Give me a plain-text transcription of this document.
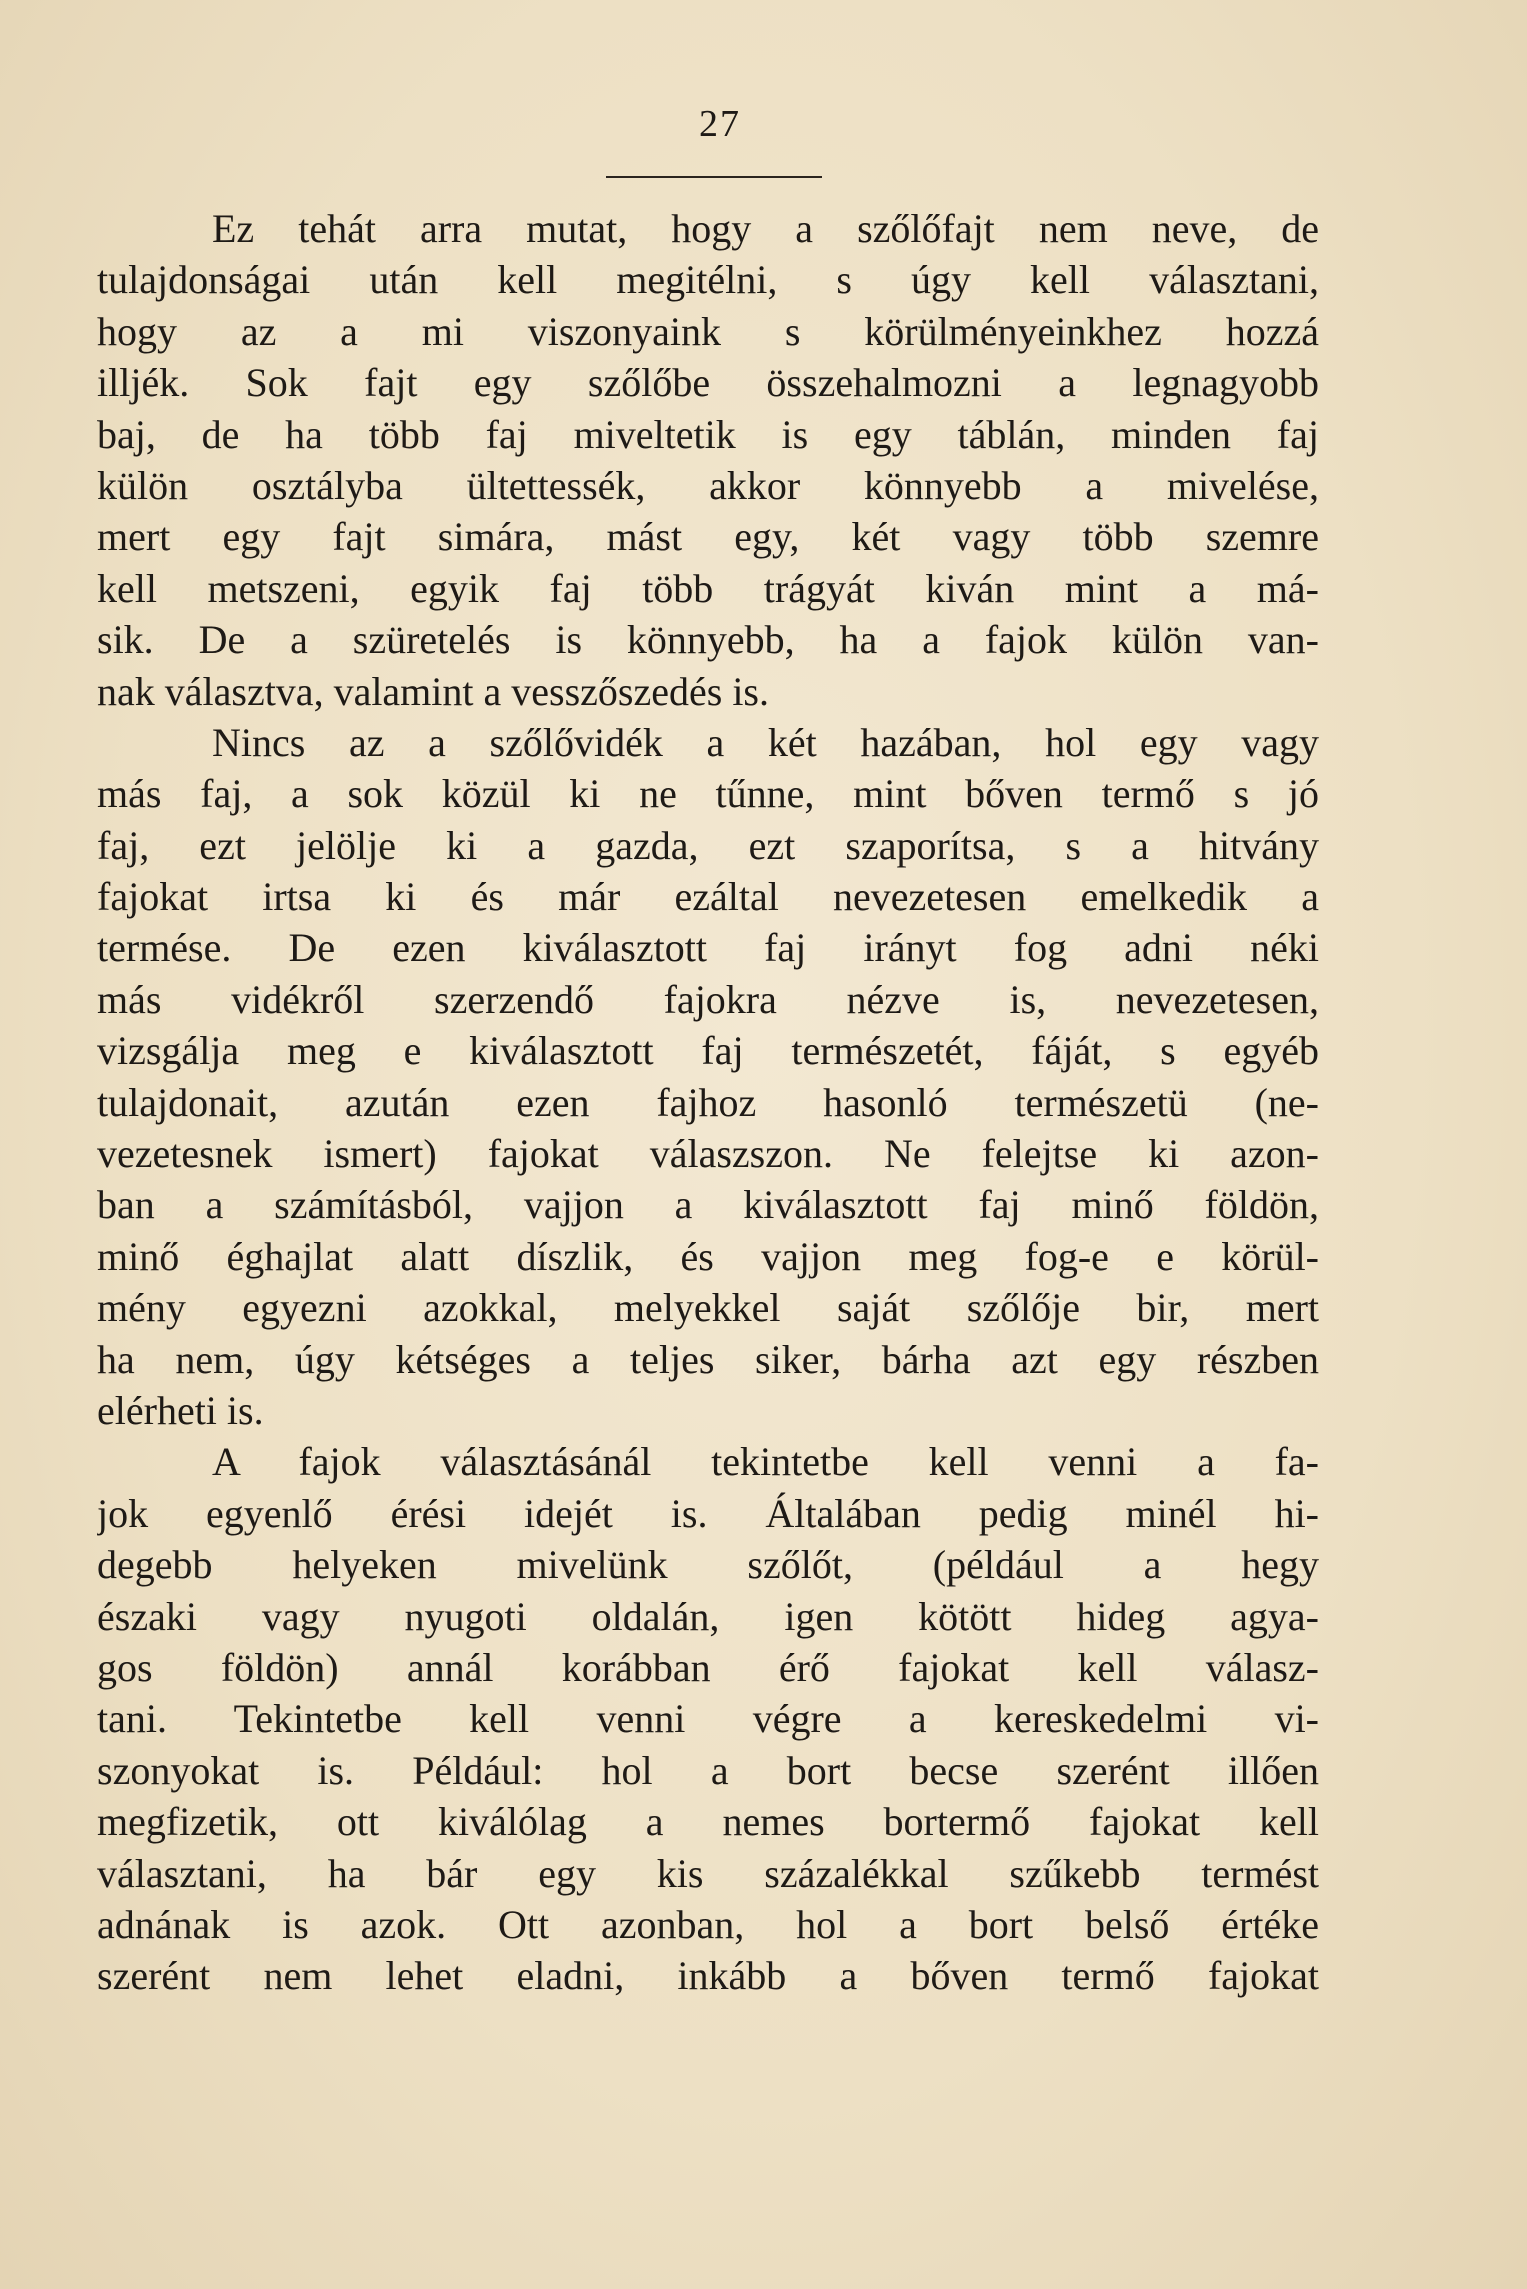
27
Ez tehát arra mutat, hogy a szőlőfajt nem neve, de
tulajdonságai után kell megitélni, s úgy kell választani,
hogy az a mi viszonyaink s körülményeinkhez hozzá
illjék. Sok fajt egy szőlőbe összehalmozni a legnagyobb
baj, de ha több faj miveltetik is egy táblán, minden faj
külön osztályba ültettessék, akkor könnyebb a mivelése,
mert egy fajt simára, mást egy, két vagy több szemre
kell metszeni, egyik faj több trágyát kiván mint a má-
sik. De a szüretelés is könnyebb, ha a fajok külön van-
nak választva, valamint a vesszőszedés is.
Nincs az a szőlővidék a két hazában, hol egy vagy
más faj, a sok közül ki ne tűnne, mint bőven termő s jó
faj, ezt jelölje ki a gazda, ezt szaporítsa, s a hitvány
fajokat irtsa ki és már ezáltal nevezetesen emelkedik a
termése. De ezen kiválasztott faj irányt fog adni néki
más vidékről szerzendő fajokra nézve is, nevezetesen,
vizsgálja meg e kiválasztott faj természetét, fáját, s egyéb
tulajdonait, azután ezen fajhoz hasonló természetü (ne-
vezetesnek ismert) fajokat válaszszon. Ne felejtse ki azon-
ban a számításból, vajjon a kiválasztott faj minő földön,
minő éghajlat alatt díszlik, és vajjon meg fog-e e körül-
mény egyezni azokkal, melyekkel saját szőlője bir, mert
ha nem, úgy kétséges a teljes siker, bárha azt egy részben
elérheti is.
A fajok választásánál tekintetbe kell venni a fa-
jok egyenlő érési idejét is. Általában pedig minél hi-
degebb helyeken mivelünk szőlőt, (például a hegy
északi vagy nyugoti oldalán, igen kötött hideg agya-
gos földön) annál korábban érő fajokat kell válasz-
tani. Tekintetbe kell venni végre a kereskedelmi vi-
szonyokat is. Például: hol a bort becse szerént illően
megfizetik, ott kiválólag a nemes bortermő fajokat kell
választani, ha bár egy kis százalékkal szűkebb termést
adnának is azok. Ott azonban, hol a bort belső értéke
szerént nem lehet eladni, inkább a bőven termő fajokat
